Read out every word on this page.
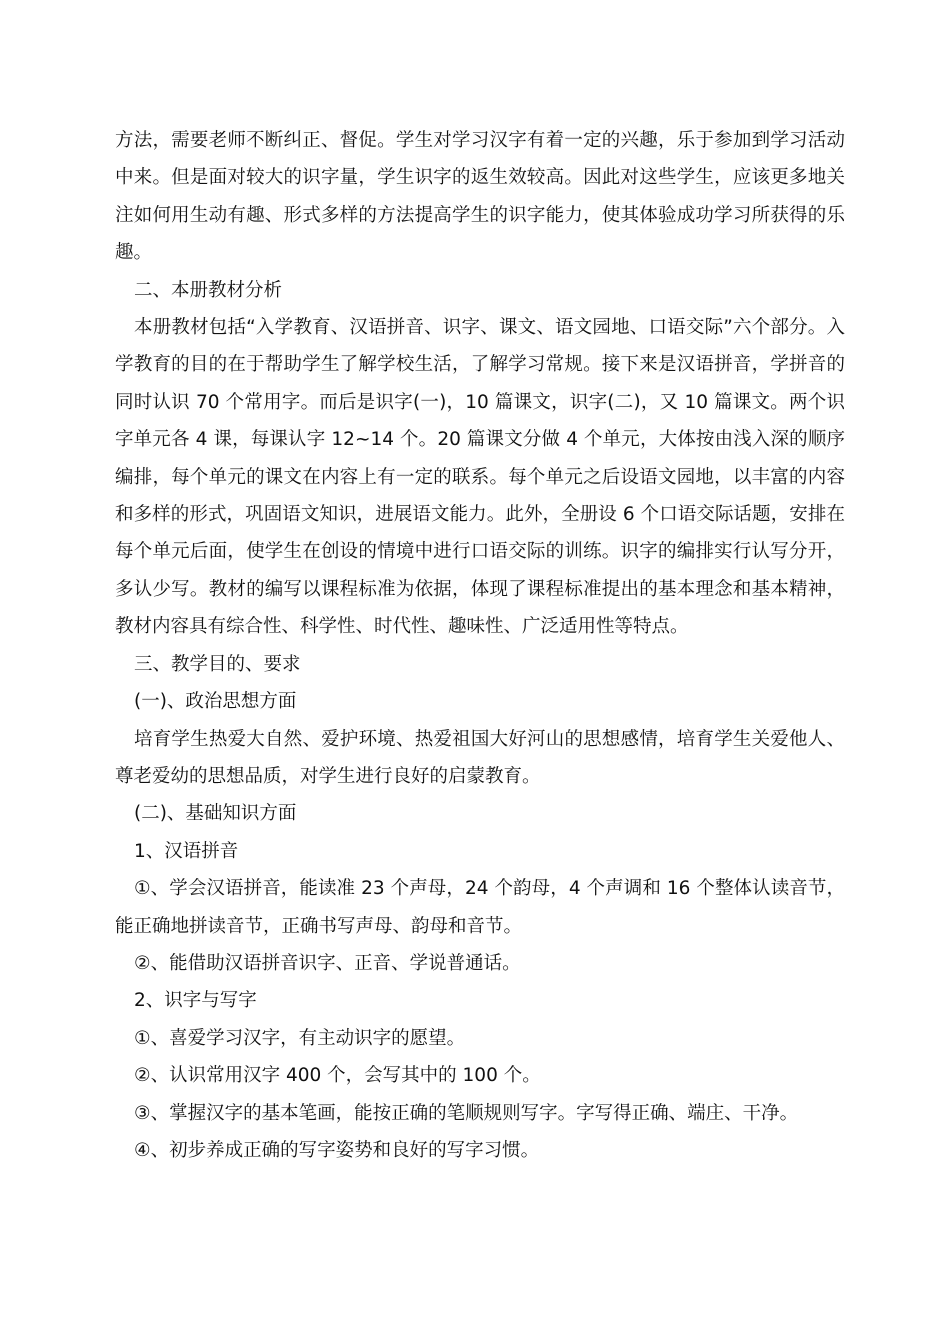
方法，需要老师不断纠正、督促。学生对学习汉字有着一定的兴趣，乐于参加到学习活动中来。但是面对较大的识字量，学生识字的返生效较高。因此对这些学生，应该更多地关注如何用生动有趣、形式多样的方法提高学生的识字能力，使其体验成功学习所获得的乐趣。

二、本册教材分析

本册教材包括“入学教育、汉语拼音、识字、课文、语文园地、口语交际”六个部分。入学教育的目的在于帮助学生了解学校生活，了解学习常规。接下来是汉语拼音，学拼音的同时认识 70 个常用字。而后是识字(一)，10 篇课文，识字(二)，又 10 篇课文。两个识字单元各 4 课，每课认字 12~14 个。20 篇课文分做 4 个单元，大体按由浅入深的顺序编排，每个单元的课文在内容上有一定的联系。每个单元之后设语文园地，以丰富的内容和多样的形式，巩固语文知识，进展语文能力。此外，全册设 6 个口语交际话题，安排在每个单元后面，使学生在创设的情境中进行口语交际的训练。识字的编排实行认写分开，多认少写。教材的编写以课程标准为依据，体现了课程标准提出的基本理念和基本精神，教材内容具有综合性、科学性、时代性、趣味性、广泛适用性等特点。

三、教学目的、要求

(一)、政治思想方面

培育学生热爱大自然、爱护环境、热爱祖国大好河山的思想感情，培育学生关爱他人、尊老爱幼的思想品质，对学生进行良好的启蒙教育。

(二)、基础知识方面

1、汉语拼音

①、学会汉语拼音，能读准 23 个声母，24 个韵母，4 个声调和 16 个整体认读音节，能正确地拼读音节，正确书写声母、韵母和音节。

②、能借助汉语拼音识字、正音、学说普通话。

2、识字与写字

①、喜爱学习汉字，有主动识字的愿望。

②、认识常用汉字 400 个，会写其中的 100 个。

③、掌握汉字的基本笔画，能按正确的笔顺规则写字。字写得正确、端庄、干净。

④、初步养成正确的写字姿势和良好的写字习惯。
